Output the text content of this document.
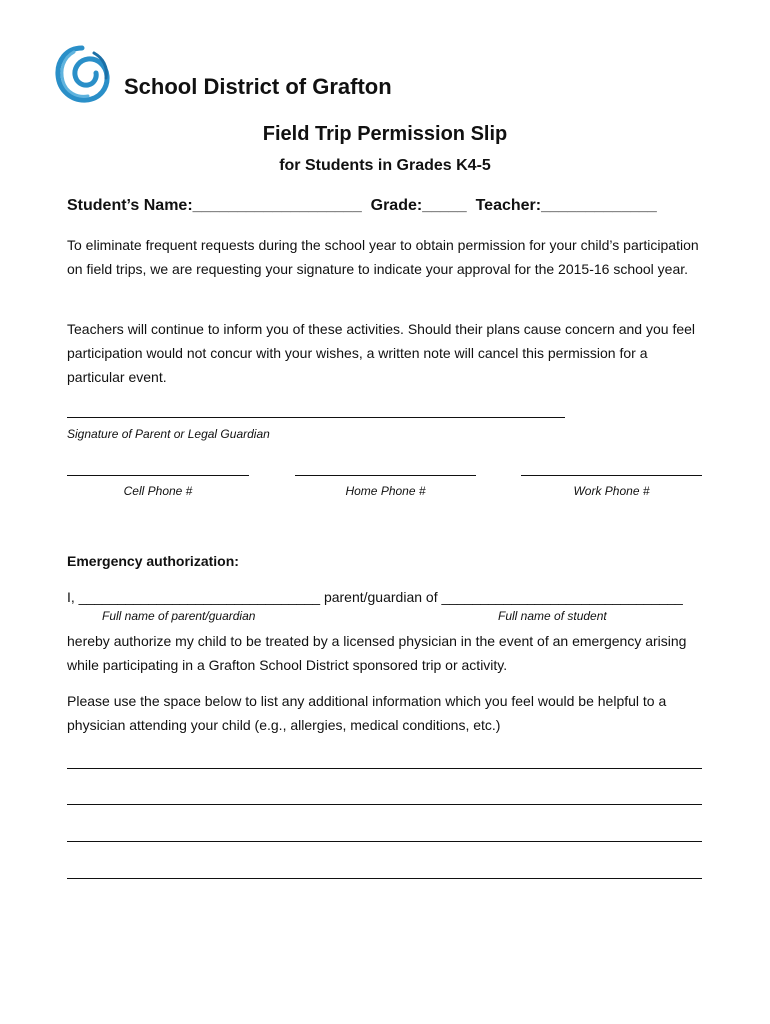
School District of Grafton
Field Trip Permission Slip
for Students in Grades K4-5
Student’s Name:___________________ Grade:_____ Teacher:_____________
To eliminate frequent requests during the school year to obtain permission for your child’s participation on field trips, we are requesting your signature to indicate your approval for the 2015-16 school year.
Teachers will continue to inform you of these activities. Should their plans cause concern and you feel participation would not concur with your wishes, a written note will cancel this permission for a particular event.
Signature of Parent or Legal Guardian
Cell Phone #	Home Phone #	Work Phone #
Emergency authorization:
I, _______________________________ parent/guardian of _______________________________
Full name of parent/guardian	Full name of student
hereby authorize my child to be treated by a licensed physician in the event of an emergency arising while participating in a Grafton School District sponsored trip or activity.
Please use the space below to list any additional information which you feel would be helpful to a physician attending your child (e.g., allergies, medical conditions, etc.)
